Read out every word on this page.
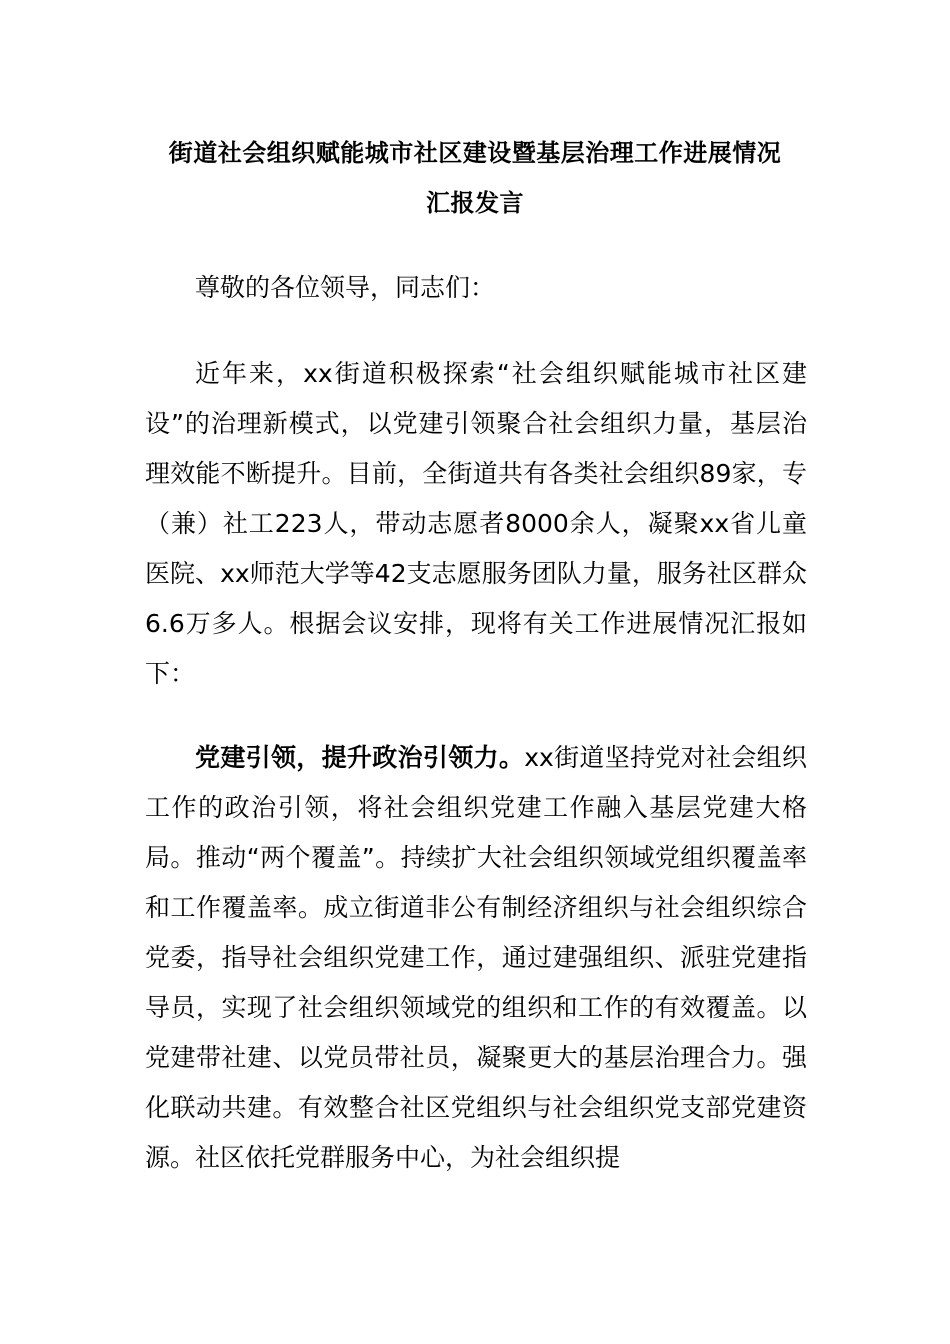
街道社会组织赋能城市社区建设暨基层治理工作进展情况
汇报发言

尊敬的各位领导，同志们：

近年来，xx街道积极探索“社会组织赋能城市社区建设”的治理新模式，以党建引领聚合社会组织力量，基层治理效能不断提升。目前，全街道共有各类社会组织89家，专（兼）社工223人，带动志愿者8000余人，凝聚xx省儿童医院、xx师范大学等42支志愿服务团队力量，服务社区群众6.6万多人。根据会议安排，现将有关工作进展情况汇报如下：

党建引领，提升政治引领力。xx街道坚持党对社会组织工作的政治引领，将社会组织党建工作融入基层党建大格局。推动“两个覆盖”。持续扩大社会组织领域党组织覆盖率和工作覆盖率。成立街道非公有制经济组织与社会组织综合党委，指导社会组织党建工作，通过建强组织、派驻党建指导员，实现了社会组织领域党的组织和工作的有效覆盖。以党建带社建、以党员带社员，凝聚更大的基层治理合力。强化联动共建。有效整合社区党组织与社会组织党支部党建资源。社区依托党群服务中心，为社会组织提
